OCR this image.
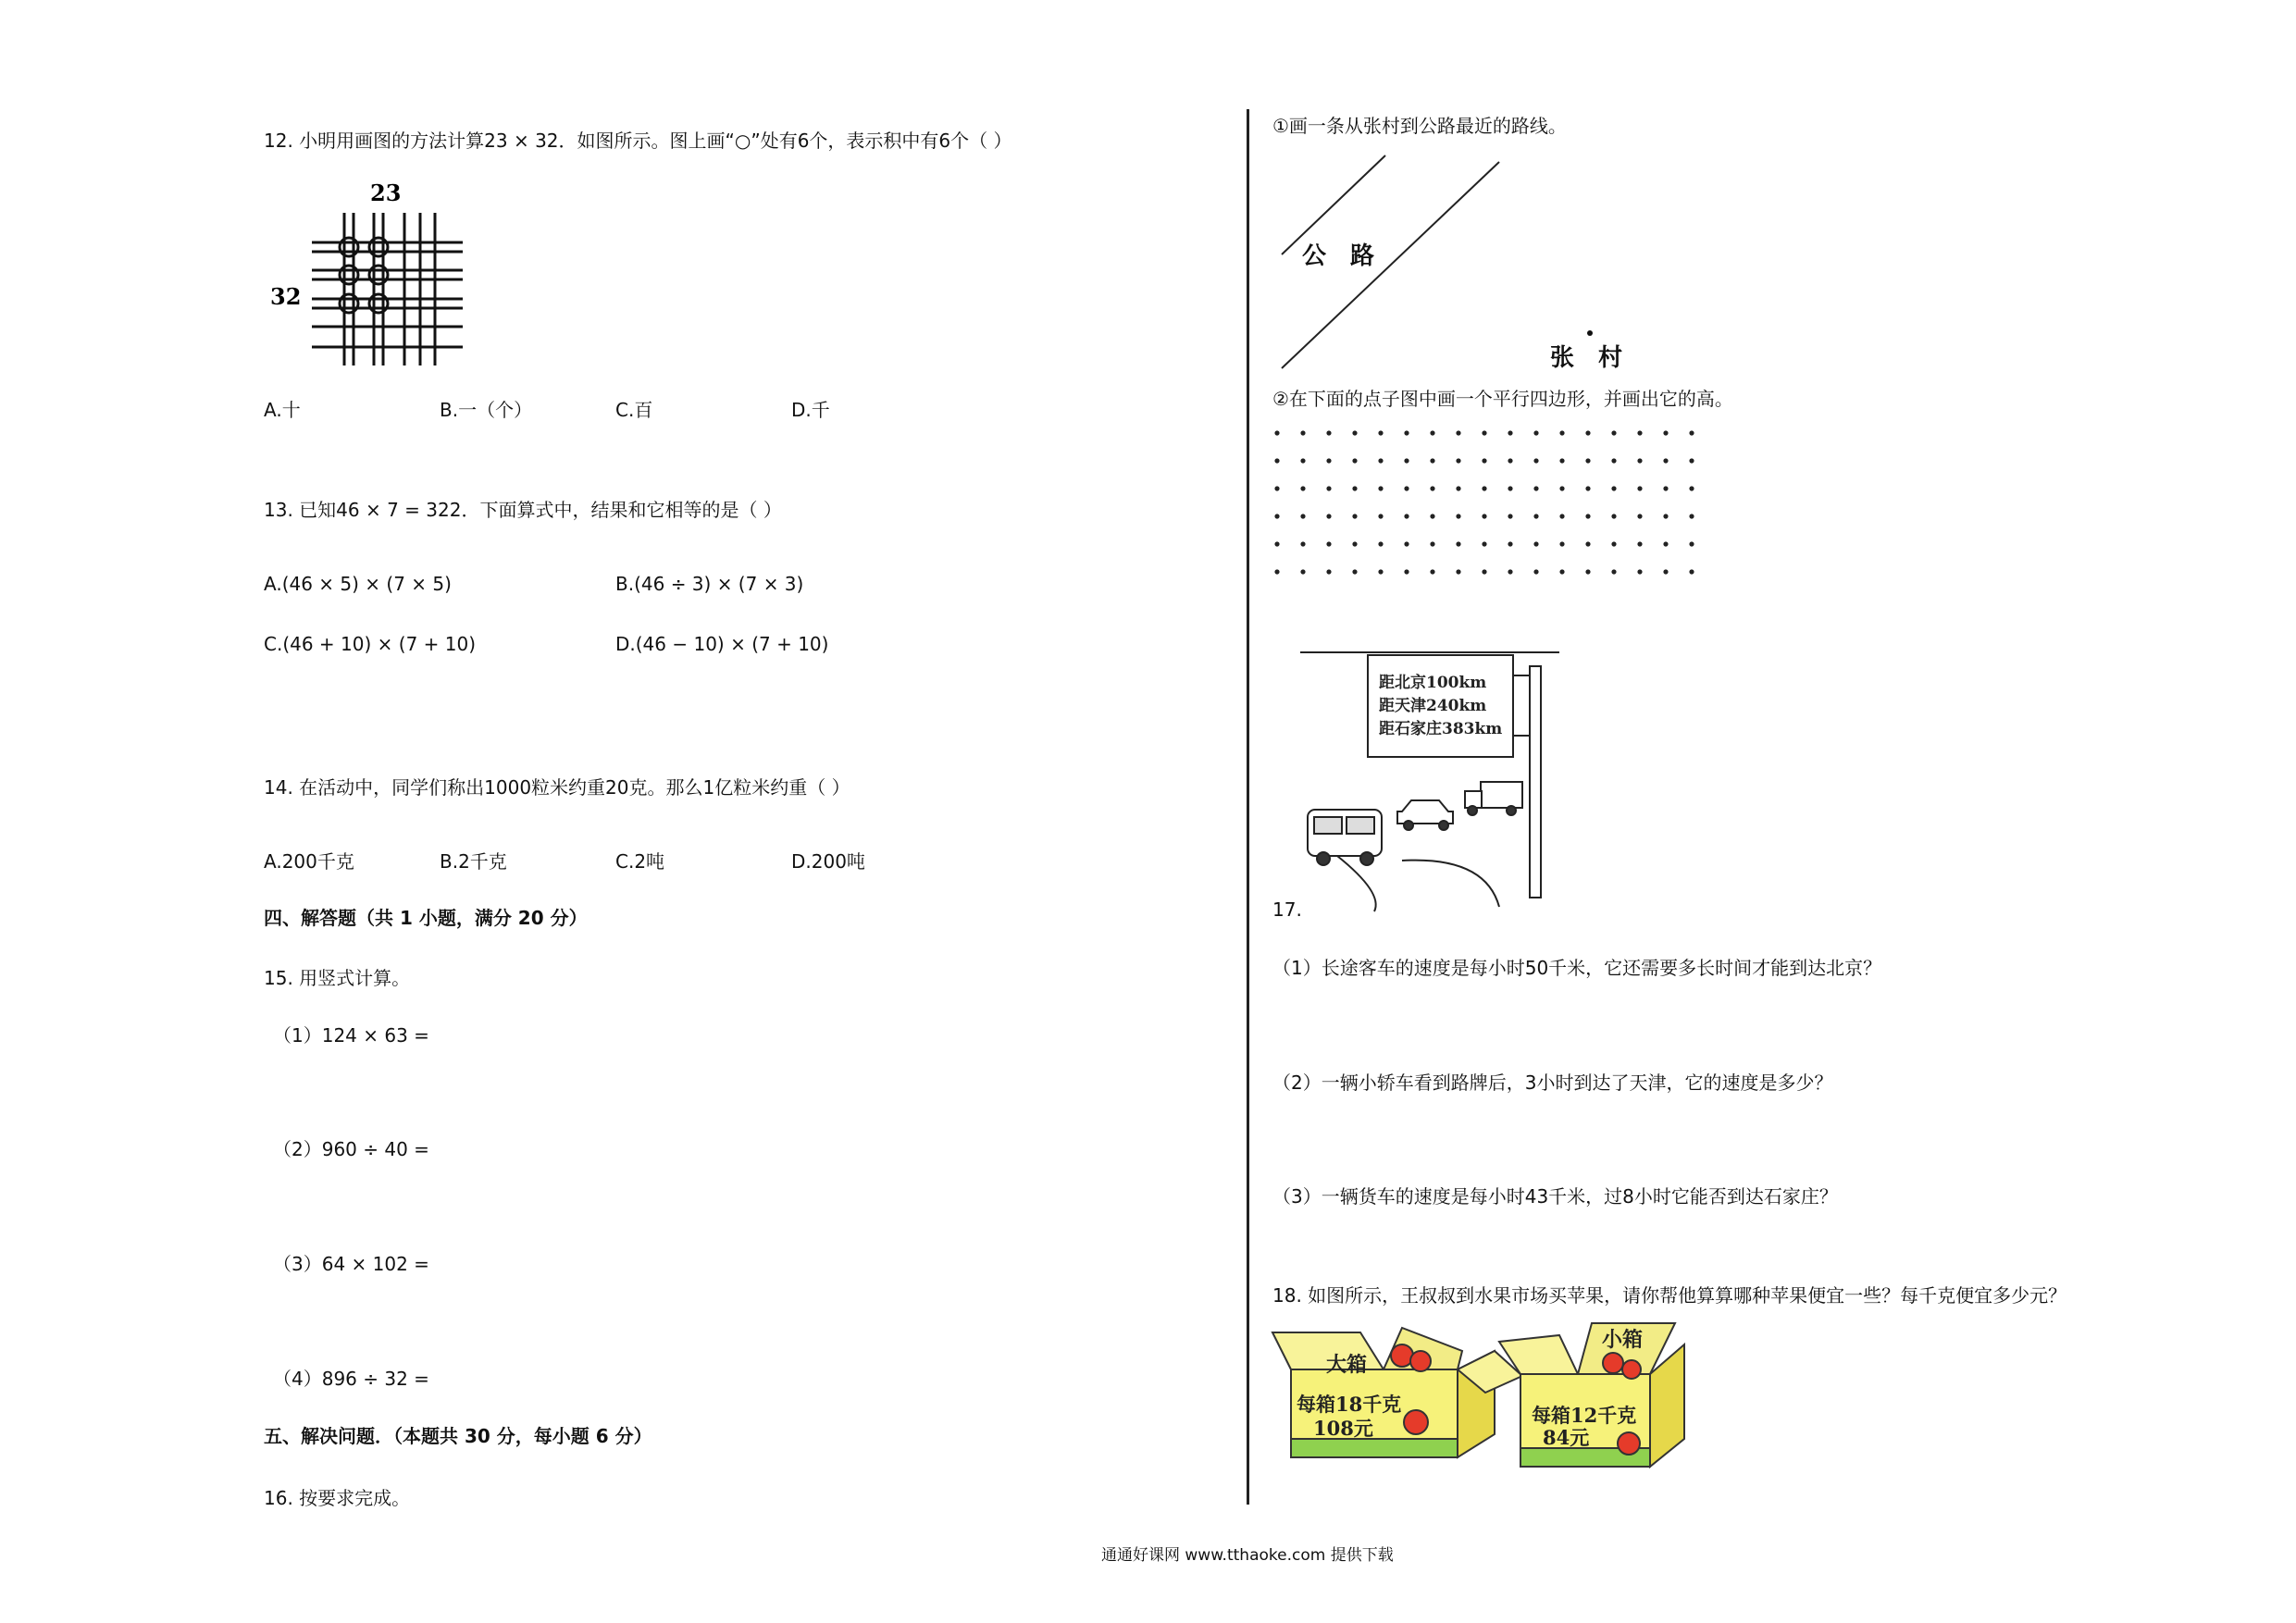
12. 小明用画图的方法计算23 × 32．如图所示。图上画“○”处有6个，表示积中有6个（ ）
23
32
A.十	B.一（个）	C.百	D.千
13. 已知46 × 7 = 322．下面算式中，结果和它相等的是（ ）
A.(46 × 5) × (7 × 5)	B.(46 ÷ 3) × (7 × 3)
C.(46 + 10) × (7 + 10)	D.(46 − 10) × (7 + 10)
14. 在活动中，同学们称出1000粒米约重20克。那么1亿粒米约重（ ）
A.200千克	B.2千克	C.2吨	D.200吨
四、解答题（共 1 小题，满分 20 分）
15. 用竖式计算。
（1）124 × 63 =
（2）960 ÷ 40 =
（3）64 × 102 =
（4）896 ÷ 32 =
五、解决问题．（本题共 30 分，每小题 6 分）
16. 按要求完成。
①画一条从张村到公路最近的路线。
公　路
张　村
②在下面的点子图中画一个平行四边形，并画出它的高。
距北京100km
距天津240km
距石家庄383km
17.
（1）长途客车的速度是每小时50千米，它还需要多长时间才能到达北京？
（2）一辆小轿车看到路牌后，3小时到达了天津，它的速度是多少？
（3）一辆货车的速度是每小时43千米，过8小时它能否到达石家庄？
18. 如图所示，王叔叔到水果市场买苹果，请你帮他算算哪种苹果便宜一些？每千克便宜多少元？
大箱
每箱18千克
108元
小箱
每箱12千克
84元
通通好课网 www.tthaoke.com 提供下载
